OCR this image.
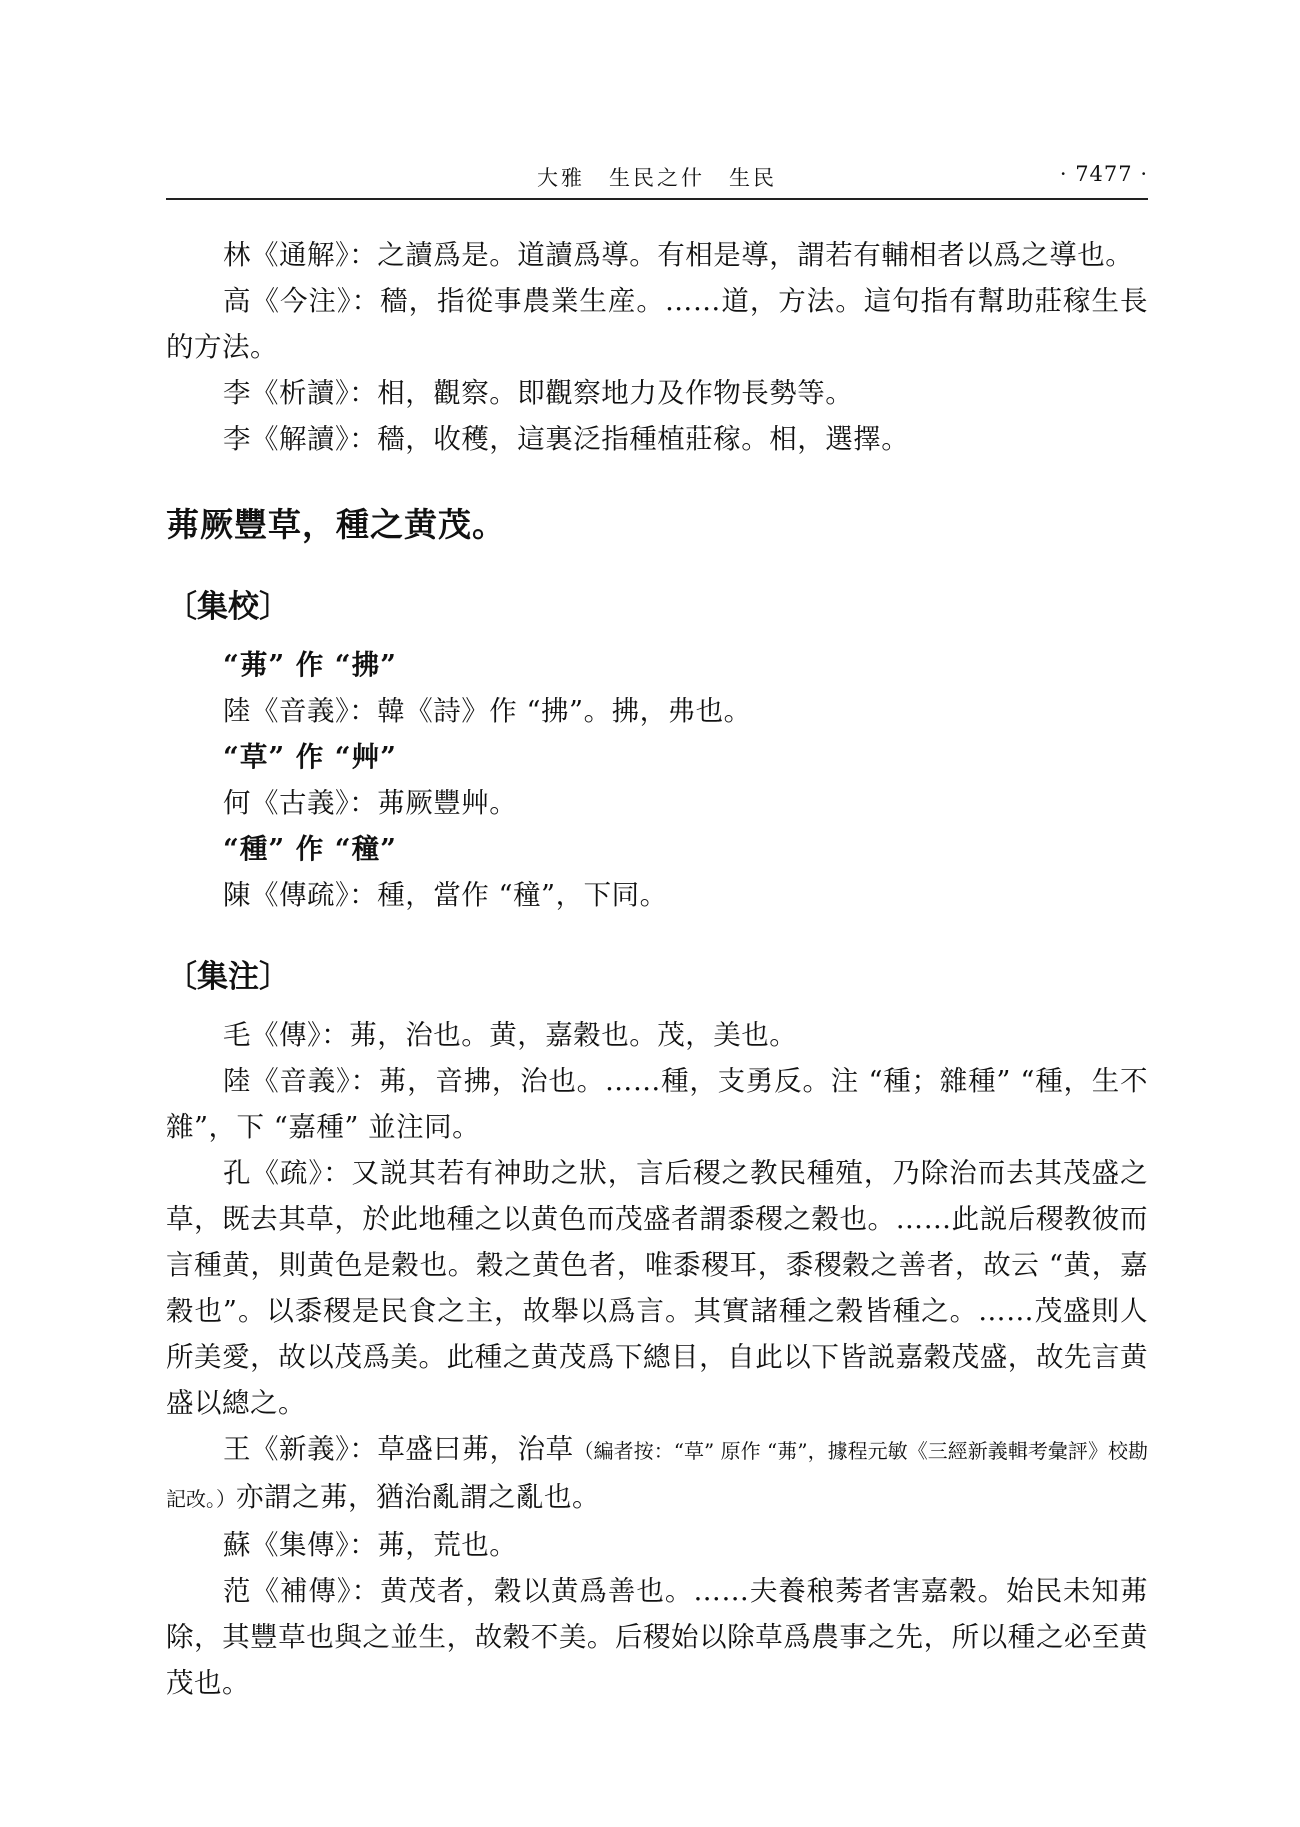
大雅　生民之什　生民	· 7477 ·

林《通解》：之讀爲是。道讀爲導。有相是導，謂若有輔相者以爲之導也。

高《今注》：穡，指從事農業生産。……道，方法。這句指有幫助莊稼生長的方法。

李《析讀》：相，觀察。即觀察地力及作物長勢等。

李《解讀》：穡，收穫，這裏泛指種植莊稼。相，選擇。

茀厥豐草，種之黄茂。
〔集校〕
“茀” 作 “拂”

陸《音義》：韓《詩》作 “拂”。拂，弗也。

“草” 作 “艸”

何《古義》：茀厥豐艸。

“種” 作 “穜”

陳《傳疏》：種，當作 “穜”，下同。

〔集注〕

毛《傳》：茀，治也。黄，嘉穀也。茂，美也。

陸《音義》：茀，音拂，治也。……種，支勇反。注 “種；雜種” “種，生不雜”，下 “嘉種” 並注同。

孔《疏》：又説其若有神助之狀，言后稷之教民種殖，乃除治而去其茂盛之草，既去其草，於此地種之以黄色而茂盛者謂黍稷之穀也。……此説后稷教彼而言種黄，則黄色是穀也。穀之黄色者，唯黍稷耳，黍稷穀之善者，故云 “黄，嘉穀也”。以黍稷是民食之主，故舉以爲言。其實諸種之穀皆種之。……茂盛則人所美愛，故以茂爲美。此種之黄茂爲下總目，自此以下皆説嘉穀茂盛，故先言黄盛以總之。

王《新義》：草盛曰茀，治草（編者按：“草” 原作 “茀”，據程元敏《三經新義輯考彙評》校勘記改。）亦謂之茀，猶治亂謂之亂也。

蘇《集傳》：茀，荒也。

范《補傳》：黄茂者，穀以黄爲善也。……夫養稂莠者害嘉穀。始民未知茀除，其豐草也與之並生，故穀不美。后稷始以除草爲農事之先，所以種之必至黄茂也。
